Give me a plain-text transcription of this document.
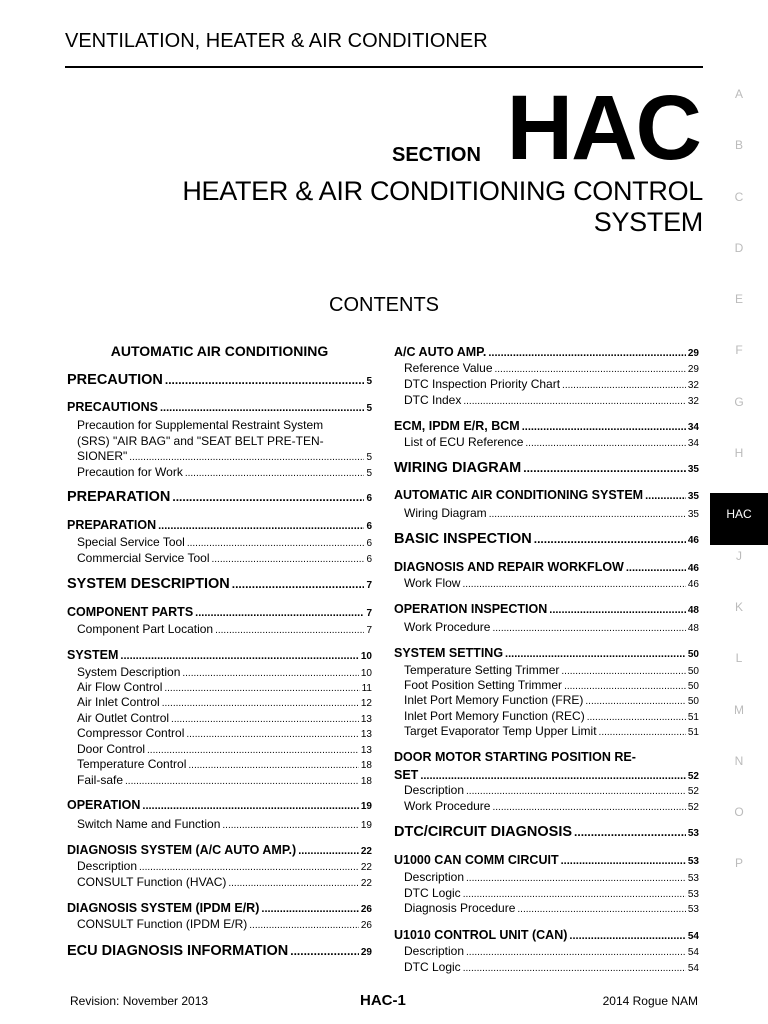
VENTILATION, HEATER & AIR CONDITIONER
SECTION HAC
HEATER & AIR CONDITIONING CONTROL SYSTEM
CONTENTS
A
B
C
D
E
F
G
H
HAC
J
K
L
M
N
O
P
AUTOMATIC AIR CONDITIONING
PRECAUTION .....	5
PRECAUTIONS .....	5
Precaution for Supplemental Restraint System
(SRS) "AIR BAG" and "SEAT BELT PRE-TEN-
SIONER" .....	5
Precaution for Work .....	5
PREPARATION .....	6
PREPARATION .....	6
Special Service Tool .....	6
Commercial Service Tool .....	6
SYSTEM DESCRIPTION .....	7
COMPONENT PARTS .....	7
Component Part Location .....	7
SYSTEM .....	10
System Description .....	10
Air Flow Control .....	11
Air Inlet Control .....	12
Air Outlet Control .....	13
Compressor Control .....	13
Door Control .....	13
Temperature Control .....	18
Fail-safe .....	18
OPERATION .....	19
Switch Name and Function .....	19
DIAGNOSIS SYSTEM (A/C AUTO AMP.) .....	22
Description .....	22
CONSULT Function (HVAC) .....	22
DIAGNOSIS SYSTEM (IPDM E/R) .....	26
CONSULT Function (IPDM E/R) .....	26
ECU DIAGNOSIS INFORMATION .....	29
A/C AUTO AMP. .....	29
Reference Value .....	29
DTC Inspection Priority Chart .....	32
DTC Index .....	32
ECM, IPDM E/R, BCM .....	34
List of ECU Reference .....	34
WIRING DIAGRAM .....	35
AUTOMATIC AIR CONDITIONING SYSTEM .....	35
Wiring Diagram .....	35
BASIC INSPECTION .....	46
DIAGNOSIS AND REPAIR WORKFLOW .....	46
Work Flow .....	46
OPERATION INSPECTION .....	48
Work Procedure .....	48
SYSTEM SETTING .....	50
Temperature Setting Trimmer .....	50
Foot Position Setting Trimmer .....	50
Inlet Port Memory Function (FRE) .....	50
Inlet Port Memory Function (REC) .....	51
Target Evaporator Temp Upper Limit .....	51
DOOR MOTOR STARTING POSITION RE-
SET .....	52
Description .....	52
Work Procedure .....	52
DTC/CIRCUIT DIAGNOSIS .....	53
U1000 CAN COMM CIRCUIT .....	53
Description .....	53
DTC Logic .....	53
Diagnosis Procedure .....	53
U1010 CONTROL UNIT (CAN) .....	54
Description .....	54
DTC Logic .....	54
Revision: November 2013	HAC-1	2014 Rogue NAM
